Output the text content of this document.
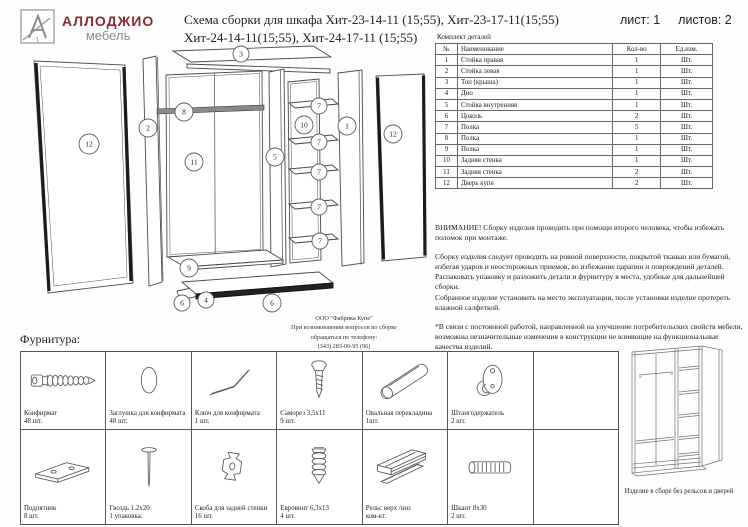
АЛЛОДЖИО
мебель
Схема сборки для шкафа Хит-23-14-11 (15;55), Хит-23-17-11(15;55)
Хит-24-14-11(15;55), Хит-24-17-11 (15;55)
лист: 1 листов: 2
Комплект деталей
№	Наименование	Кол-во	Ед.изм.
1	Стойка правая	1	Шт.
2	Стойка левая	1	Шт.
3	Топ (крыша)	1	Шт.
4	Дно	1	Шт.
5	Стойка внутренняя	1	Шт.
6	Цоколь	2	Шт.
7	Полка	5	Шт.
8	Полка	1	Шт.
9	Полка	1	Шт.
10	Задняя стенка	1	Шт.
11	Задняя стенка	2	Шт.
12	Дверь купе	2	Шт.

ВНИМАНИЕ! Сборку изделия проводить при помощи второго человека, чтобы избежать поломок при монтаже.

Сборку изделия следует проводить на ровной поверхности, покрытой тканью или бумагой, избегая ударов и неосторожных приемов, во избежание царапин и повреждений деталей.

Распаковать упаковку и разложить детали и фурнитуру в места, удобные для дальнейшей сборки.

Собранное изделие установить на место эксплуатации, после установки изделие протереть влажной салфеткой.

*В связи с постоянной работой, направленной на улучшение потребительских свойств мебели, возможны незначительные изменения в конструкции не влияющие на функциональные качества изделий.

3
2
8
11
12
5
10
7
7
7
7
7
1
12
9
6	4	6
ООО "Фабрика Купе"
При возникновении вопросов по сборке
обращаться по телефону:
(343) 283-00-95 (96)
Фурнитура:
Конфирмат
48 шт.
Заглушка для конфирмата
48 шт.
Ключ для конфирмата
1 шт.
Саморез 3,5х11
9 шт.
Овальная перекладина
1шт.
Штангодержатель
2 шт.
Подпятник
8 шт.
Гвоздь 1.2х20
1 упаковка.
Скоба для задней стенки
16 шт.
Евровинт 6,3х13
4 шт.
Рельс верх /низ
ком-кт.
Шкант 8х30
2 шт.
Изделие в сборе без рельсов и дверей
